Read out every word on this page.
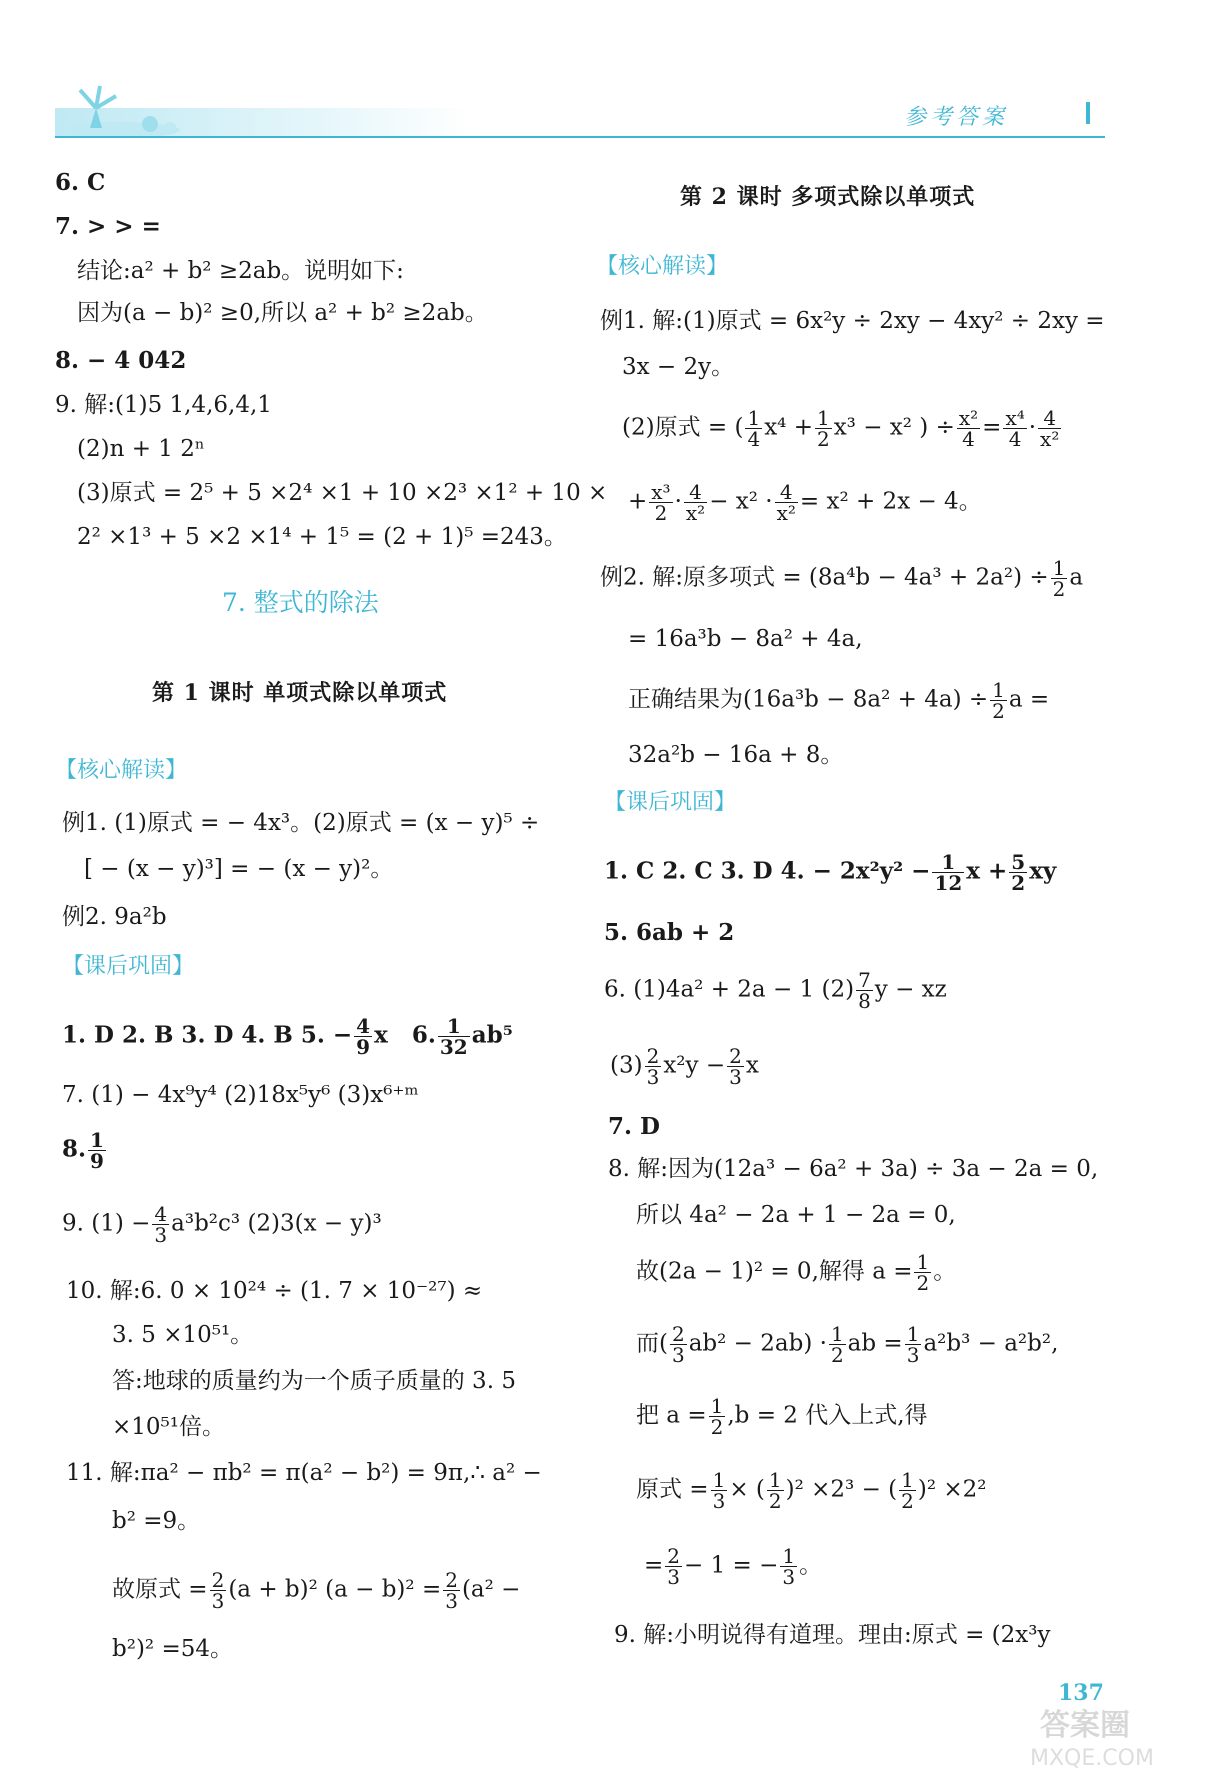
参考答案
6. C
7. > > =
结论:a² + b² ≥2ab。说明如下:
因为(a − b)² ≥0,所以 a² + b² ≥2ab。
8. − 4 042
9. 解:(1)5 1,4,6,4,1
(2)n + 1 2ⁿ
(3)原式 = 2⁵ + 5 ×2⁴ ×1 + 10 ×2³ ×1² + 10 ×
2² ×1³ + 5 ×2 ×1⁴ + 1⁵ = (2 + 1)⁵ =243。
7. 整式的除法
第 1 课时 单项式除以单项式
【核心解读】
例1. (1)原式 = − 4x³。(2)原式 = (x − y)⁵ ÷
[ − (x − y)³] = − (x − y)²。
例2. 9a²b
【课后巩固】
1. D 2. B 3. D 4. B 5. − $\frac{4}{9}$ x 6. $\frac{1}{32} ab^5$
7. (1) − 4x⁹y⁴ (2)18x⁵y⁶ (3)x⁶⁺ᵐ
8. $\frac{1}{9}$
9. $(1) - \frac{4}{3} a^3b^2c^3$ (2)3(x − y)³
10. 解:6. 0 × 10²⁴ ÷ (1. 7 × 10⁻²⁷) ≈
3. 5 ×10⁵¹。
答:地球的质量约为一个质子质量的 3. 5
×10⁵¹倍。
11. 解:πa² − πb² = π(a² − b²) = 9π,∴ a² −
b² =9。
故原式 = $\frac{2}{3} (a + b)^2$ $(a - b)^2 = \frac{2}{3} (a^2$ −
b²)² =54。
第 2 课时 多项式除以单项式
【核心解读】
例1. 解:(1)原式 = 6x²y ÷ 2xy − 4xy² ÷ 2xy =
3x − 2y。
(2)原式 = ( $\frac{1}{4} x^4 + \frac{1}{2} x^3 - x^2$ ) ÷ $\frac{\text{x²}}{4} = \frac{\text{x⁴}}{4} \cdot \frac{4}{\text{x²}}$
+ $\frac{\text{x³}}{2} \cdot \frac{4}{\text{x²}} - x^2 \cdot \frac{4}{\text{x²}} = x^2 + 2x - 4$。
例2. 解:原多项式 = $(8a^4b - 4a^3 + 2a^2) \div \frac{1}{2}$ a
= 16a³b − 8a² + 4a,
正确结果为$(16a^3b - 8a^2 + 4a) \div \frac{1}{2}$ a =
32a²b − 16a + 8。
【课后巩固】
1. C 2. C 3. D 4. − $2x^2y^2 - \frac{1}{12}$ $x + \frac{5}{2}$ xy
5. 6ab + 2
6. (1)4a² + 2a − 1 $(2) \frac{7}{8}$ y − xz
$(3) \frac{2}{3} x^2y - \frac{2}{3}$ x
7. D
8. 解:因为(12a³ − 6a² + 3a) ÷ 3a − 2a = 0,
所以 4a² − 2a + 1 − 2a = 0,
故(2a − 1)² = 0,解得 $a = \frac{1}{2}$ 。
而( $\frac{2}{3} ab^2 - 2ab) \cdot \frac{1}{2}$ ab = $\frac{1}{3} a^2b^3 - a^2b^2$,
把 $a = \frac{1}{2} ,b = 2$ 代入上式,得
原式 = $\frac{1}{3}$ × ( $\frac{1}{2} )^2 \times 2^3$ − ( $\frac{1}{2} )^2 \times 2^2$
= $\frac{2}{3} - 1$ = − $\frac{1}{3}$ 。
9. 解:小明说得有道理。理由:原式 = (2x³y
137
答案圈
MXQE.COM
